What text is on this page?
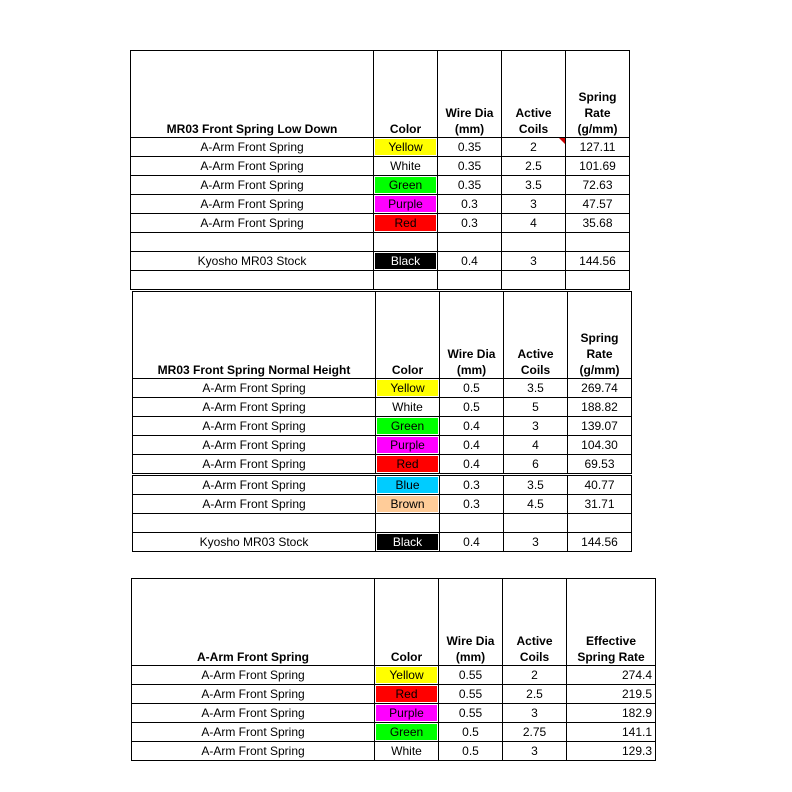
MR03 Front Spring Low Down	Color	Wire Dia (mm)	Active Coils	Spring Rate (g/mm)
A-Arm Front Spring	Yellow	0.35	2	127.11
A-Arm Front Spring	White	0.35	2.5	101.69
A-Arm Front Spring	Green	0.35	3.5	72.63
A-Arm Front Spring	Purple	0.3	3	47.57
A-Arm Front Spring	Red	0.3	4	35.68

Kyosho MR03 Stock	Black	0.4	3	144.56

MR03 Front Spring Normal Height	Color	Wire Dia (mm)	Active Coils	Spring Rate (g/mm)
A-Arm Front Spring	Yellow	0.5	3.5	269.74
A-Arm Front Spring	White	0.5	5	188.82
A-Arm Front Spring	Green	0.4	3	139.07
A-Arm Front Spring	Purple	0.4	4	104.30
A-Arm Front Spring	Red	0.4	6	69.53
A-Arm Front Spring	Blue	0.3	3.5	40.77
A-Arm Front Spring	Brown	0.3	4.5	31.71

Kyosho MR03 Stock	Black	0.4	3	144.56
A-Arm Front Spring	Color	Wire Dia (mm)	Active Coils	Effective Spring Rate
A-Arm Front Spring	Yellow	0.55	2	274.4
A-Arm Front Spring	Red	0.55	2.5	219.5
A-Arm Front Spring	Purple	0.55	3	182.9
A-Arm Front Spring	Green	0.5	2.75	141.1
A-Arm Front Spring	White	0.5	3	129.3
